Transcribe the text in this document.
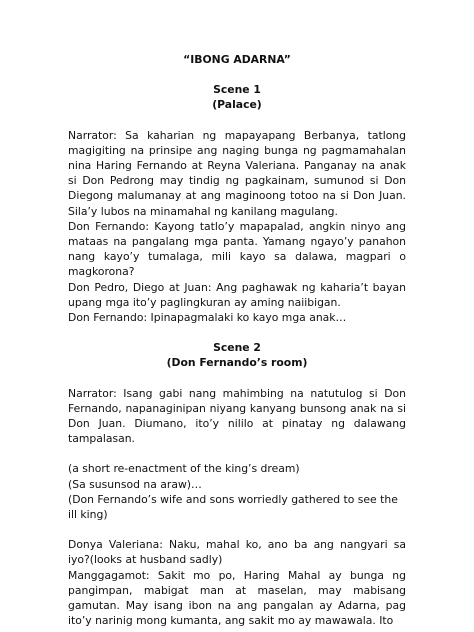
“IBONG ADARNA”

Scene 1

(Palace)

Narrator: Sa kaharian ng mapayapang Berbanya, tatlong magigiting na prinsipe ang naging bunga ng pagmamahalan nina Haring Fernando at Reyna Valeriana. Panganay na anak si Don Pedrong may tindig ng pagkainam, sumunod si Don Diegong malumanay at ang maginoong totoo na si Don Juan. Sila’y lubos na minamahal ng kanilang magulang.

Don Fernando: Kayong tatlo’y mapapalad, angkin ninyo ang mataas na pangalang mga panta. Yamang ngayo’y panahon nang kayo’y tumalaga, mili kayo sa dalawa, magpari o magkorona?

Don Pedro, Diego at Juan: Ang paghawak ng kaharia’t bayan upang mga ito’y paglingkuran ay aming naiibigan.

Don Fernando: Ipinapagmalaki ko kayo mga anak…

Scene 2

(Don Fernando’s room)

Narrator: Isang gabi nang mahimbing na natutulog si Don Fernando, napanaginipan niyang kanyang bunsong anak na si Don Juan. Diumano, ito’y nililo at pinatay ng dalawang tampalasan.

(a short re-enactment of the king’s dream)

(Sa susunsod na araw)…

(Don Fernando’s wife and sons worriedly gathered to see the ill king)

Donya Valeriana: Naku, mahal ko, ano ba ang nangyari sa iyo?(looks at husband sadly)

Manggagamot: Sakit mo po, Haring Mahal ay bunga ng pangimpan, mabigat man at maselan, may mabisang gamutan. May isang ibon na ang pangalan ay Adarna, pag ito’y narinig mong kumanta, ang sakit mo ay mawawala. Ito
